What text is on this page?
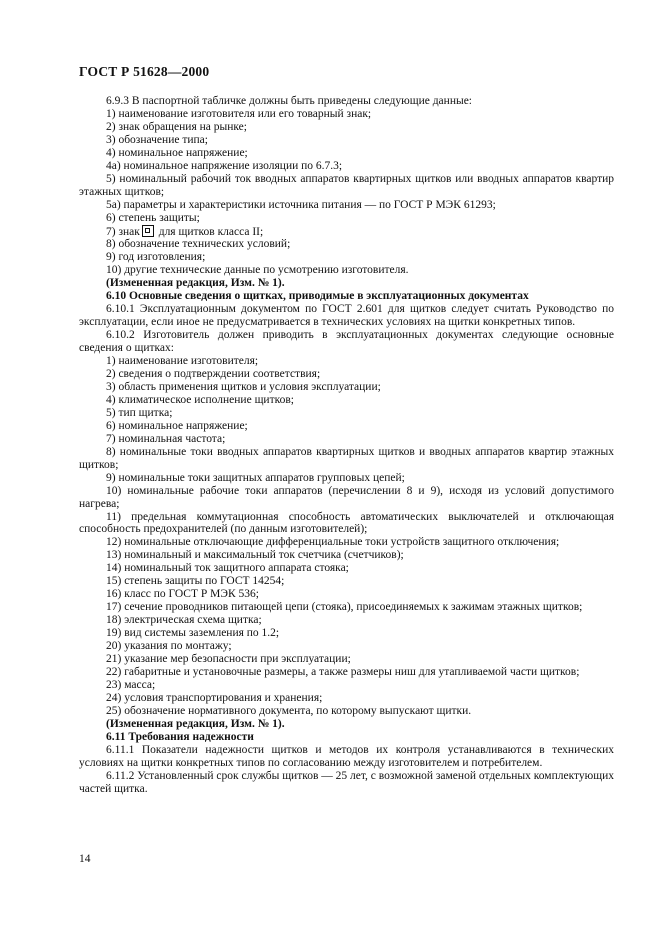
ГОСТ Р 51628—2000

6.9.3 В паспортной табличке должны быть приведены следующие данные:

1) наименование изготовителя или его товарный знак;

2) знак обращения на рынке;

3) обозначение типа;

4) номинальное напряжение;

4а) номинальное напряжение изоляции по 6.7.3;

5) номинальный рабочий ток вводных аппаратов квартирных щитков или вводных аппаратов квартир этажных щитков;

5а) параметры и характеристики источника питания — по ГОСТ Р МЭК 61293;

6) степень защиты;

7) знак для щитков класса II;

8) обозначение технических условий;

9) год изготовления;

10) другие технические данные по усмотрению изготовителя.

(Измененная редакция, Изм. № 1).

6.10 Основные сведения о щитках, приводимые в эксплуатационных документах

6.10.1 Эксплуатационным документом по ГОСТ 2.601 для щитков следует считать Руководство по эксплуатации, если иное не предусматривается в технических условиях на щитки конкретных типов.

6.10.2 Изготовитель должен приводить в эксплуатационных документах следующие основные сведения о щитках:

1) наименование изготовителя;

2) сведения о подтверждении соответствия;

3) область применения щитков и условия эксплуатации;

4) климатическое исполнение щитков;

5) тип щитка;

6) номинальное напряжение;

7) номинальная частота;

8) номинальные токи вводных аппаратов квартирных щитков и вводных аппаратов квартир этажных щитков;

9) номинальные токи защитных аппаратов групповых цепей;

10) номинальные рабочие токи аппаратов (перечислении 8 и 9), исходя из условий допустимого нагрева;

11) предельная коммутационная способность автоматических выключателей и отключающая способность предохранителей (по данным изготовителей);

12) номинальные отключающие дифференциальные токи устройств защитного отключения;

13) номинальный и максимальный ток счетчика (счетчиков);

14) номинальный ток защитного аппарата стояка;

15) степень защиты по ГОСТ 14254;

16) класс по ГОСТ Р МЭК 536;

17) сечение проводников питающей цепи (стояка), присоединяемых к зажимам этажных щитков;

18) электрическая схема щитка;

19) вид системы заземления по 1.2;

20) указания по монтажу;

21) указание мер безопасности при эксплуатации;

22) габаритные и установочные размеры, а также размеры ниш для утапливаемой части щитков;

23) масса;

24) условия транспортирования и хранения;

25) обозначение нормативного документа, по которому выпускают щитки.

(Измененная редакция, Изм. № 1).

6.11 Требования надежности

6.11.1 Показатели надежности щитков и методов их контроля устанавливаются в технических условиях на щитки конкретных типов по согласованию между изготовителем и потребителем.

6.11.2 Установленный срок службы щитков — 25 лет, с возможной заменой отдельных комплектующих частей щитка.

14
